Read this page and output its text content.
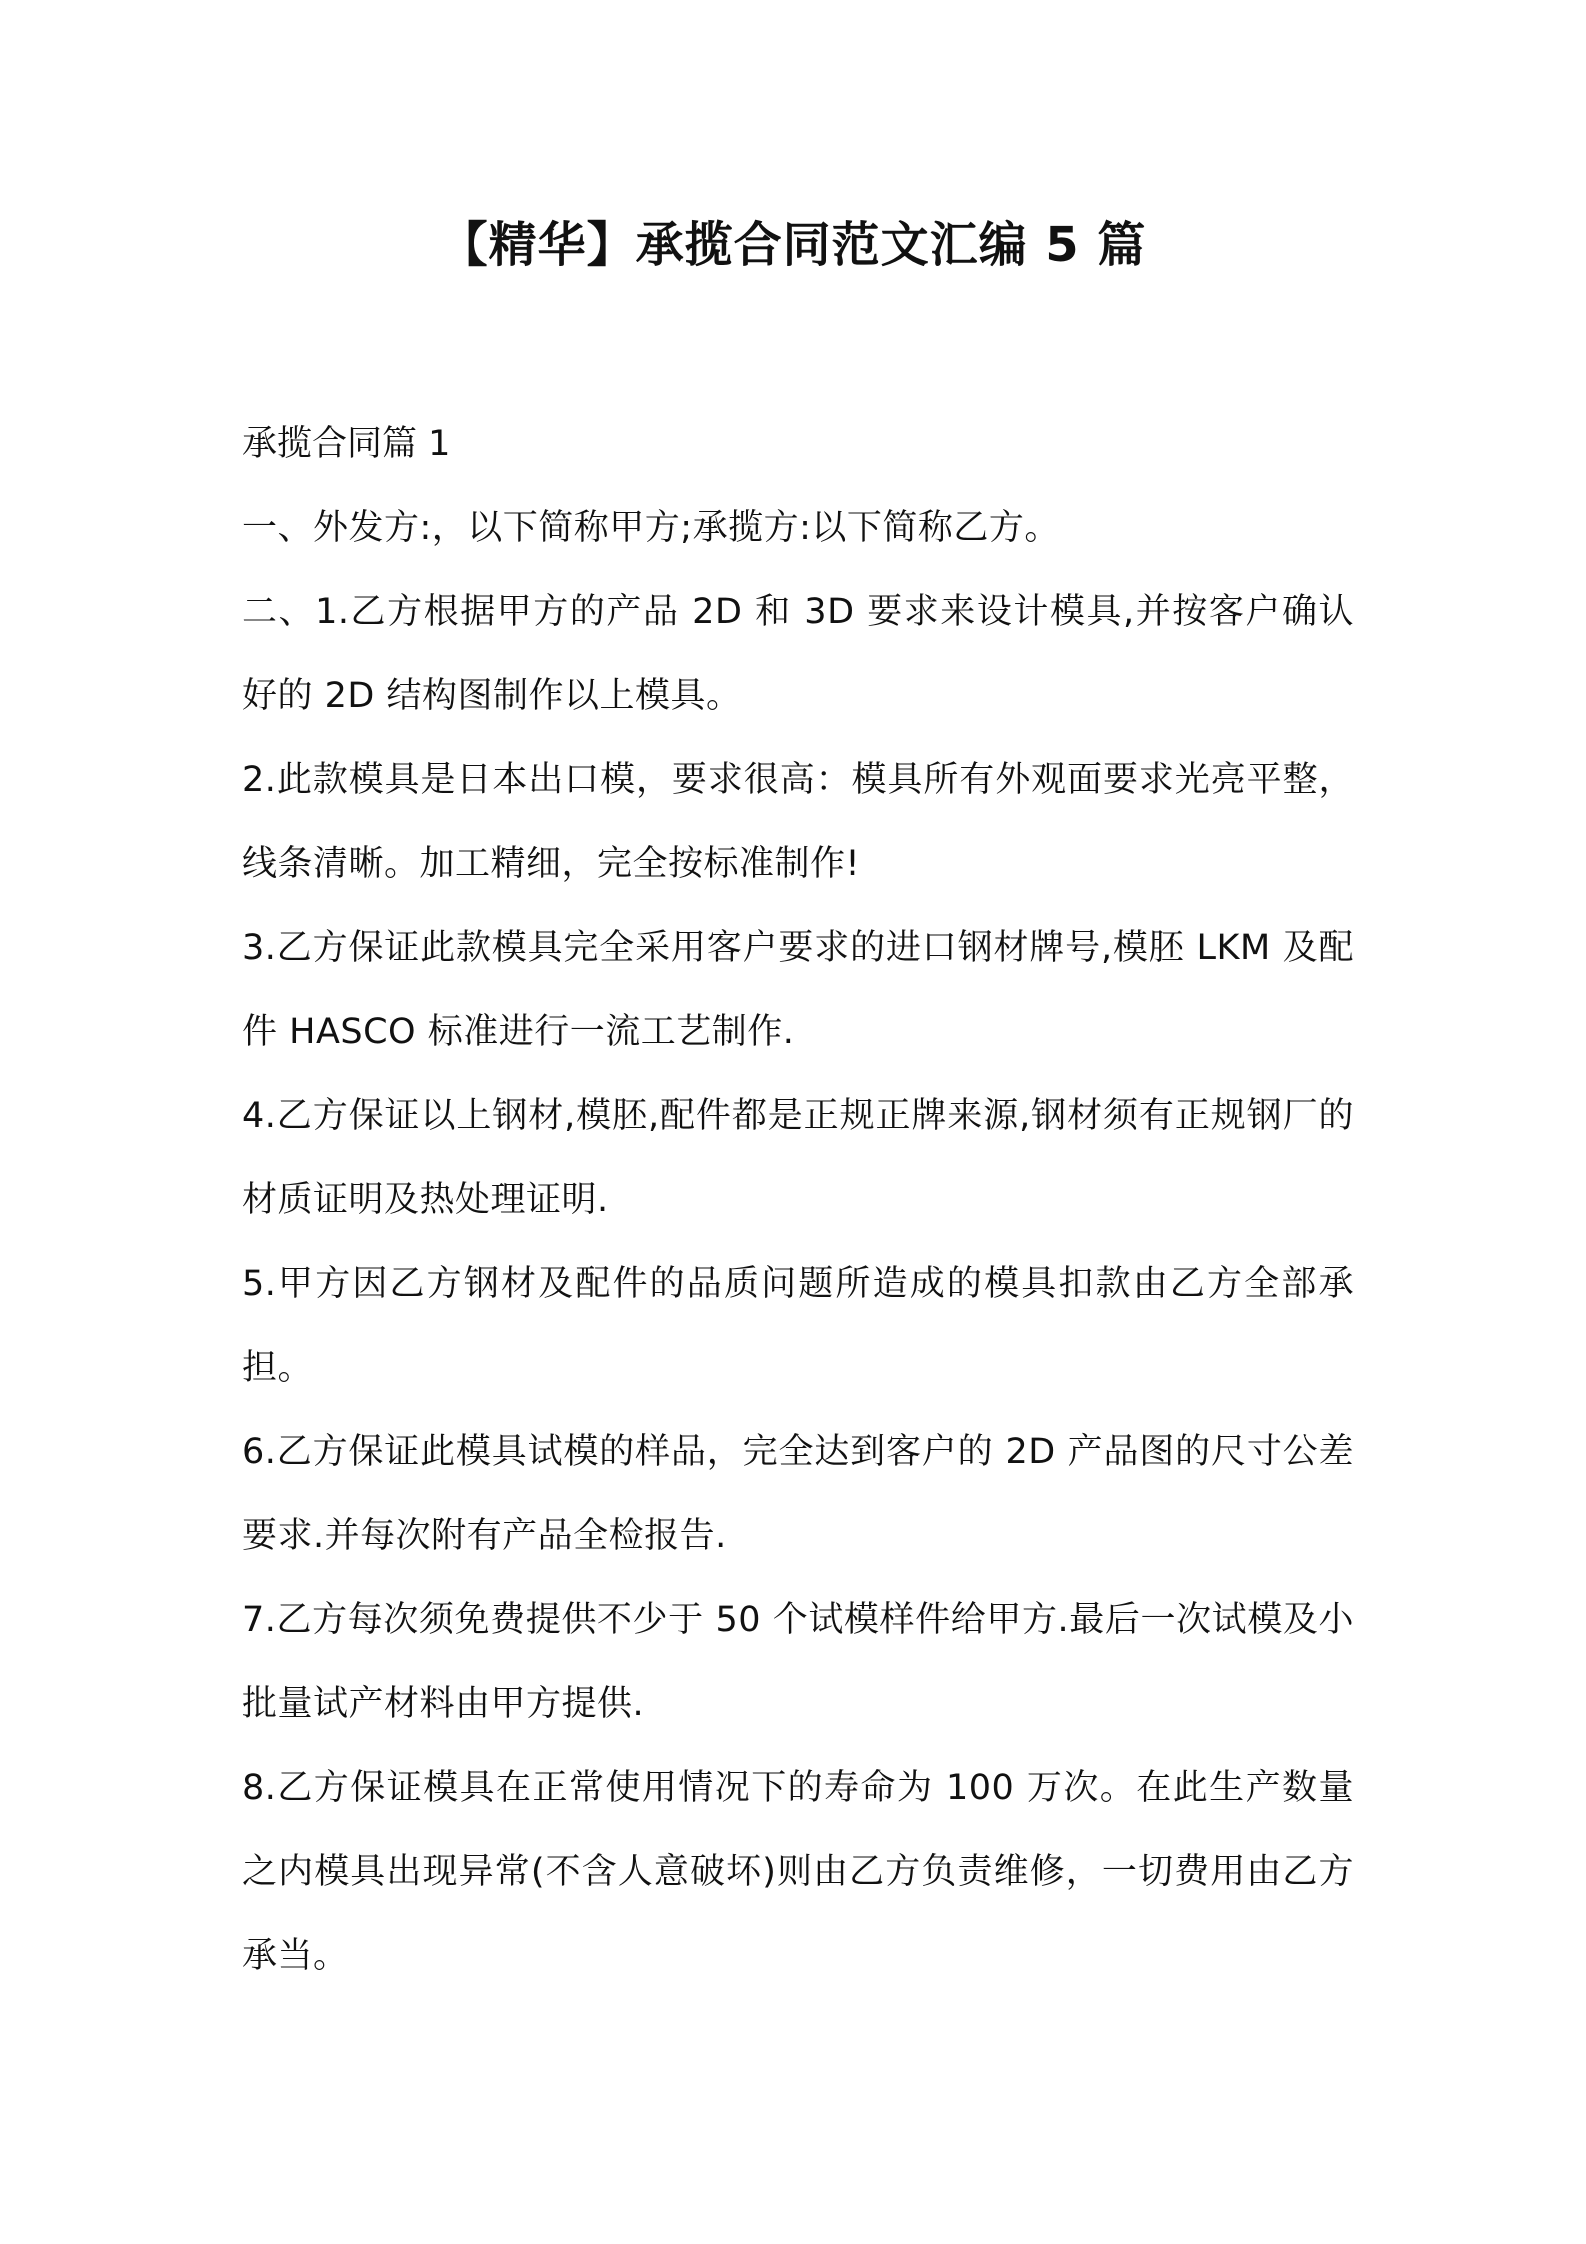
【精华】承揽合同范文汇编 5 篇

承揽合同篇 1

一、外发方:，以下简称甲方;承揽方:以下简称乙方。

二、1.乙方根据甲方的产品 2D 和 3D 要求来设计模具,并按客户确认好的 2D 结构图制作以上模具。

2.此款模具是日本出口模，要求很高：模具所有外观面要求光亮平整，线条清晰。加工精细，完全按标准制作!

3.乙方保证此款模具完全采用客户要求的进口钢材牌号,模胚 LKM 及配件 HASCO 标准进行一流工艺制作.

4.乙方保证以上钢材,模胚,配件都是正规正牌来源,钢材须有正规钢厂的材质证明及热处理证明.

5.甲方因乙方钢材及配件的品质问题所造成的模具扣款由乙方全部承担。

6.乙方保证此模具试模的样品，完全达到客户的 2D 产品图的尺寸公差要求.并每次附有产品全检报告.

7.乙方每次须免费提供不少于 50 个试模样件给甲方.最后一次试模及小批量试产材料由甲方提供.

8.乙方保证模具在正常使用情况下的寿命为 100 万次。在此生产数量之内模具出现异常(不含人意破坏)则由乙方负责维修，一切费用由乙方承当。
